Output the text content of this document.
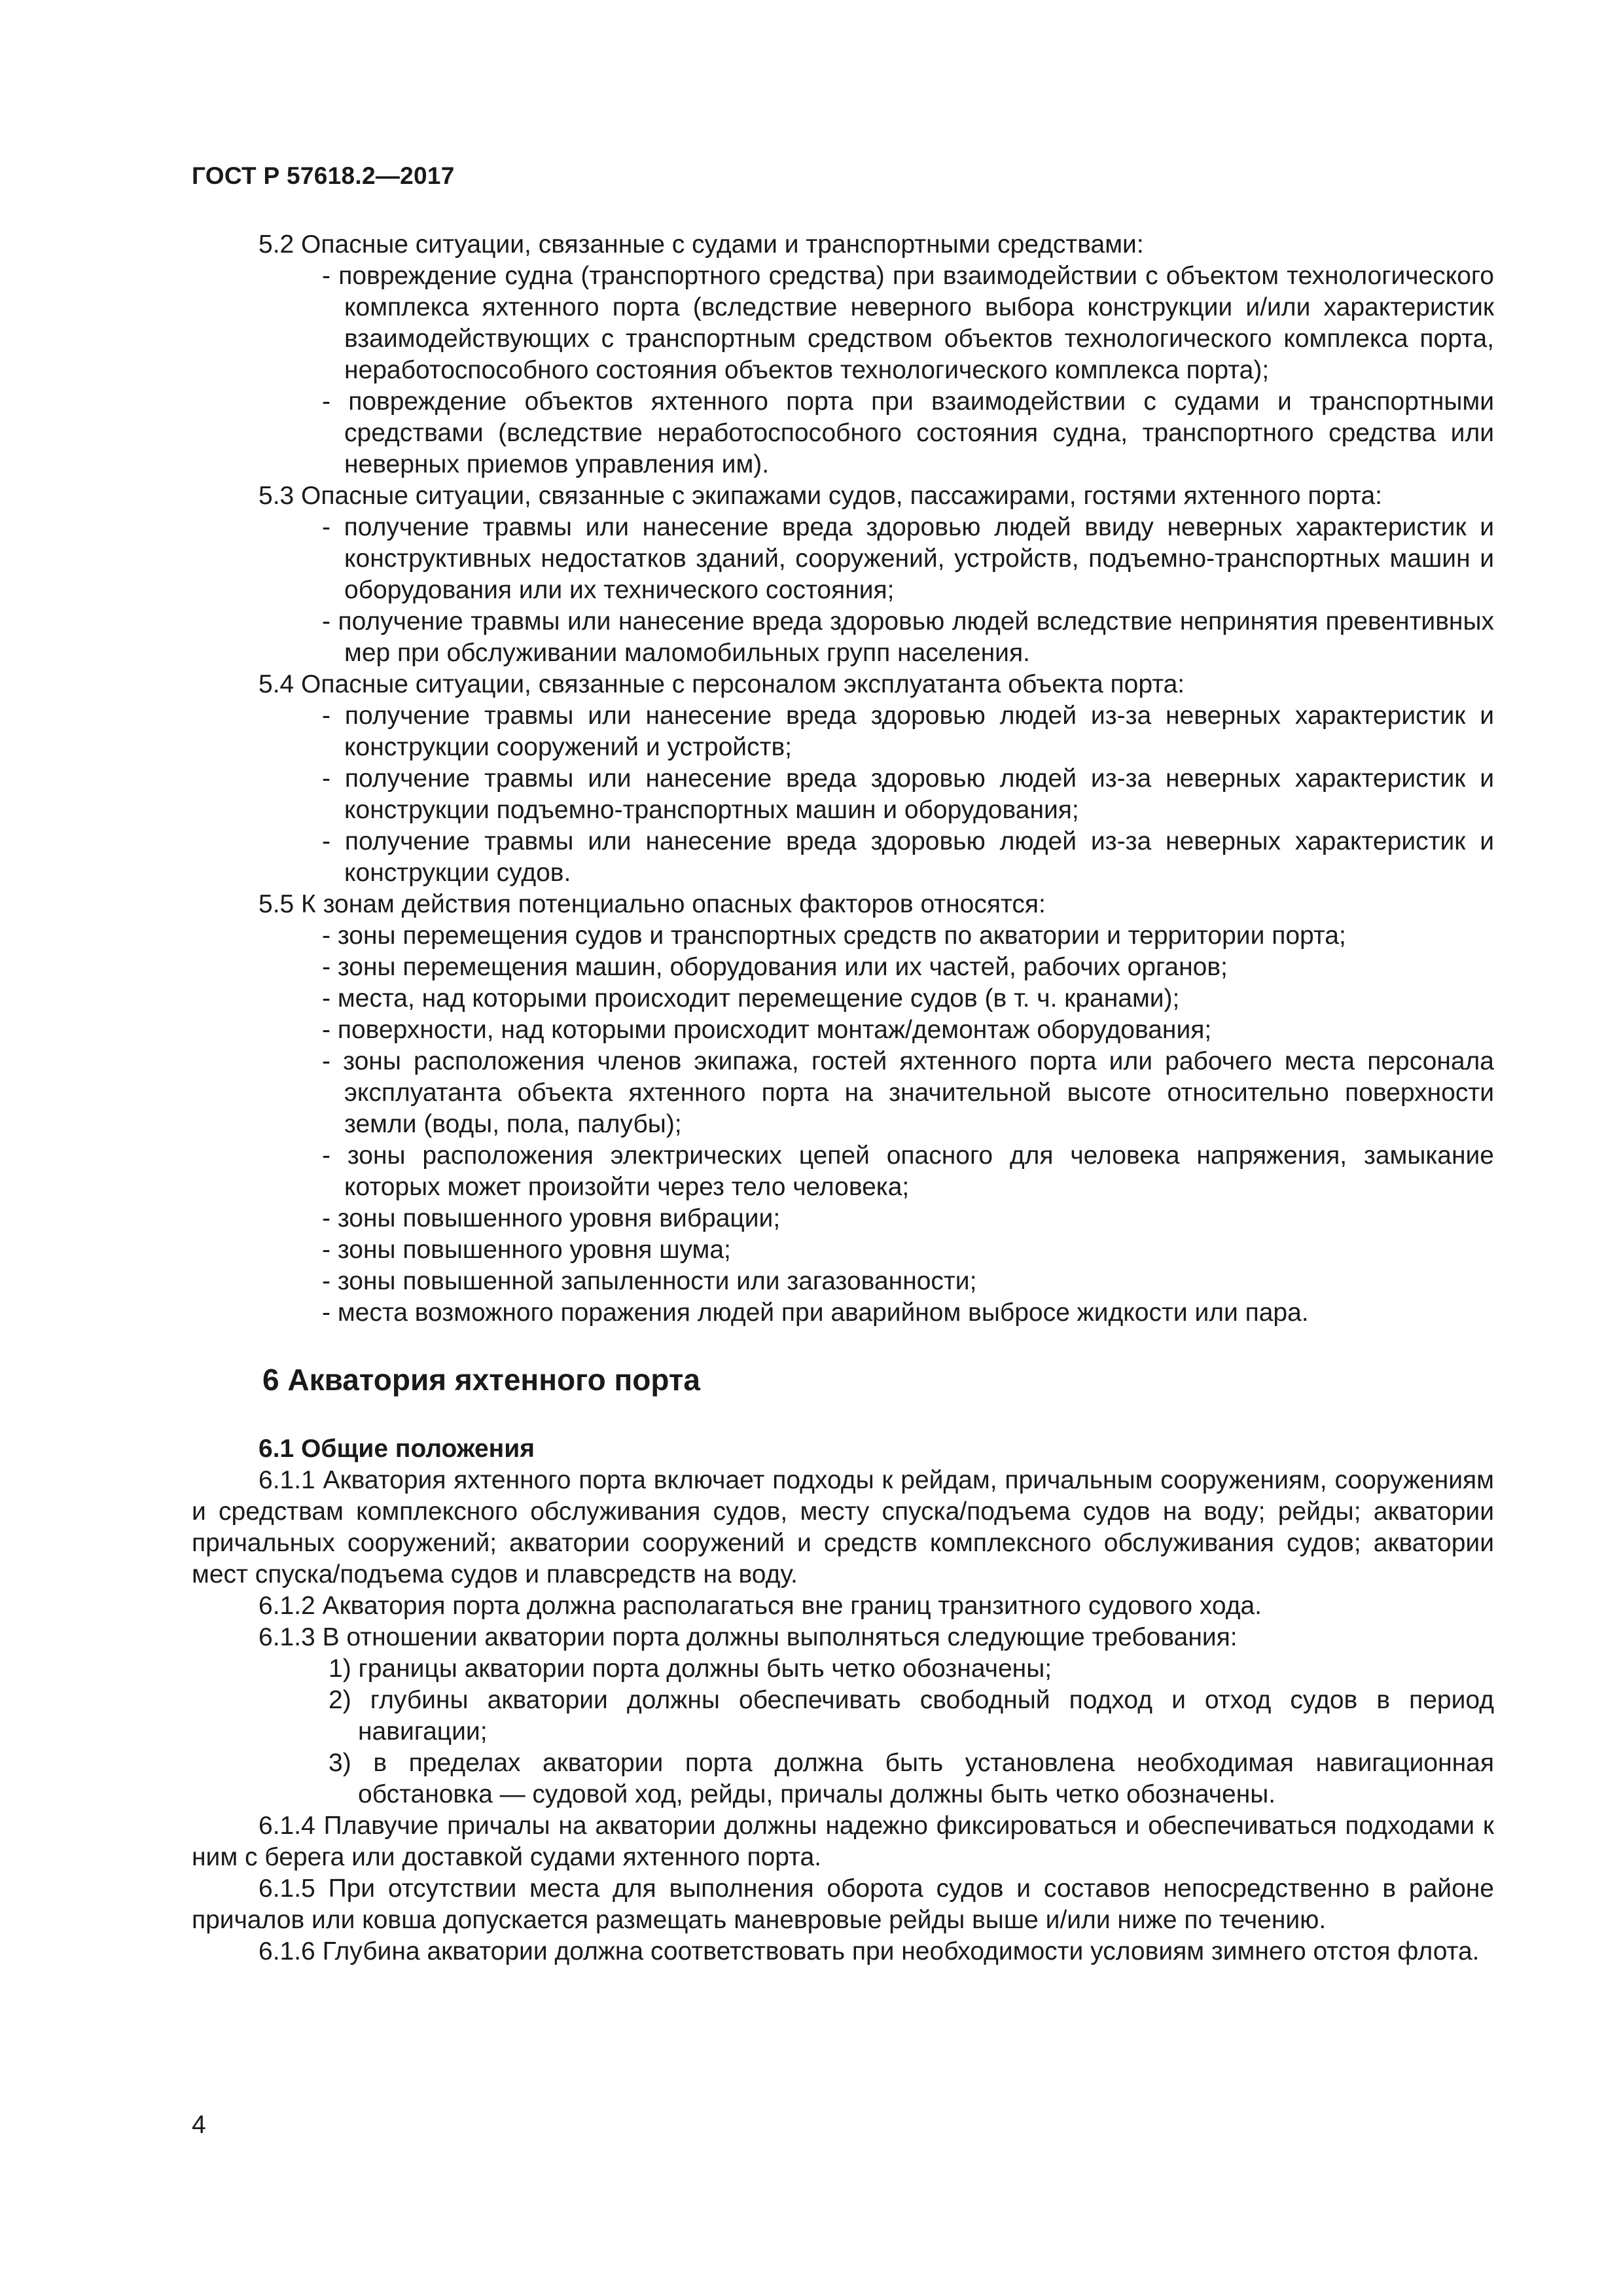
ГОСТ Р 57618.2—2017
5.2 Опасные ситуации, связанные с судами и транспортными средствами:
- повреждение судна (транспортного средства) при взаимодействии с объектом технологического комплекса яхтенного порта (вследствие неверного выбора конструкции и/или характеристик взаимодействующих с транспортным средством объектов технологического комплекса порта, неработоспособного состояния объектов технологического комплекса порта);
- повреждение объектов яхтенного порта при взаимодействии с судами и транспортными средствами (вследствие неработоспособного состояния судна, транспортного средства или неверных приемов управления им).
5.3 Опасные ситуации, связанные с экипажами судов, пассажирами, гостями яхтенного порта:
- получение травмы или нанесение вреда здоровью людей ввиду неверных характеристик и конструктивных недостатков зданий, сооружений, устройств, подъемно-транспортных машин и оборудования или их технического состояния;
- получение травмы или нанесение вреда здоровью людей вследствие непринятия превентивных мер при обслуживании маломобильных групп населения.
5.4 Опасные ситуации, связанные с персоналом эксплуатанта объекта порта:
- получение травмы или нанесение вреда здоровью людей из-за неверных характеристик и конструкции сооружений и устройств;
- получение травмы или нанесение вреда здоровью людей из-за неверных характеристик и конструкции подъемно-транспортных машин и оборудования;
- получение травмы или нанесение вреда здоровью людей из-за неверных характеристик и конструкции судов.
5.5 К зонам действия потенциально опасных факторов относятся:
- зоны перемещения судов и транспортных средств по акватории и территории порта;
- зоны перемещения машин, оборудования или их частей, рабочих органов;
- места, над которыми происходит перемещение судов (в т. ч. кранами);
- поверхности, над которыми происходит монтаж/демонтаж оборудования;
- зоны расположения членов экипажа, гостей яхтенного порта или рабочего места персонала эксплуатанта объекта яхтенного порта на значительной высоте относительно поверхности земли (воды, пола, палубы);
- зоны расположения электрических цепей опасного для человека напряжения, замыкание которых может произойти через тело человека;
- зоны повышенного уровня вибрации;
- зоны повышенного уровня шума;
- зоны повышенной запыленности или загазованности;
- места возможного поражения людей при аварийном выбросе жидкости или пара.
6 Акватория яхтенного порта
6.1 Общие положения
6.1.1 Акватория яхтенного порта включает подходы к рейдам, причальным сооружениям, сооружениям и средствам комплексного обслуживания судов, месту спуска/подъема судов на воду; рейды; акватории причальных сооружений; акватории сооружений и средств комплексного обслуживания судов; акватории мест спуска/подъема судов и плавсредств на воду.
6.1.2 Акватория порта должна располагаться вне границ транзитного судового хода.
6.1.3 В отношении акватории порта должны выполняться следующие требования:
1) границы акватории порта должны быть четко обозначены;
2) глубины акватории должны обеспечивать свободный подход и отход судов в период навигации;
3) в пределах акватории порта должна быть установлена необходимая навигационная обстановка — судовой ход, рейды, причалы должны быть четко обозначены.
6.1.4 Плавучие причалы на акватории должны надежно фиксироваться и обеспечиваться подходами к ним с берега или доставкой судами яхтенного порта.
6.1.5 При отсутствии места для выполнения оборота судов и составов непосредственно в районе причалов или ковша допускается размещать маневровые рейды выше и/или ниже по течению.
6.1.6 Глубина акватории должна соответствовать при необходимости условиям зимнего отстоя флота.
4
